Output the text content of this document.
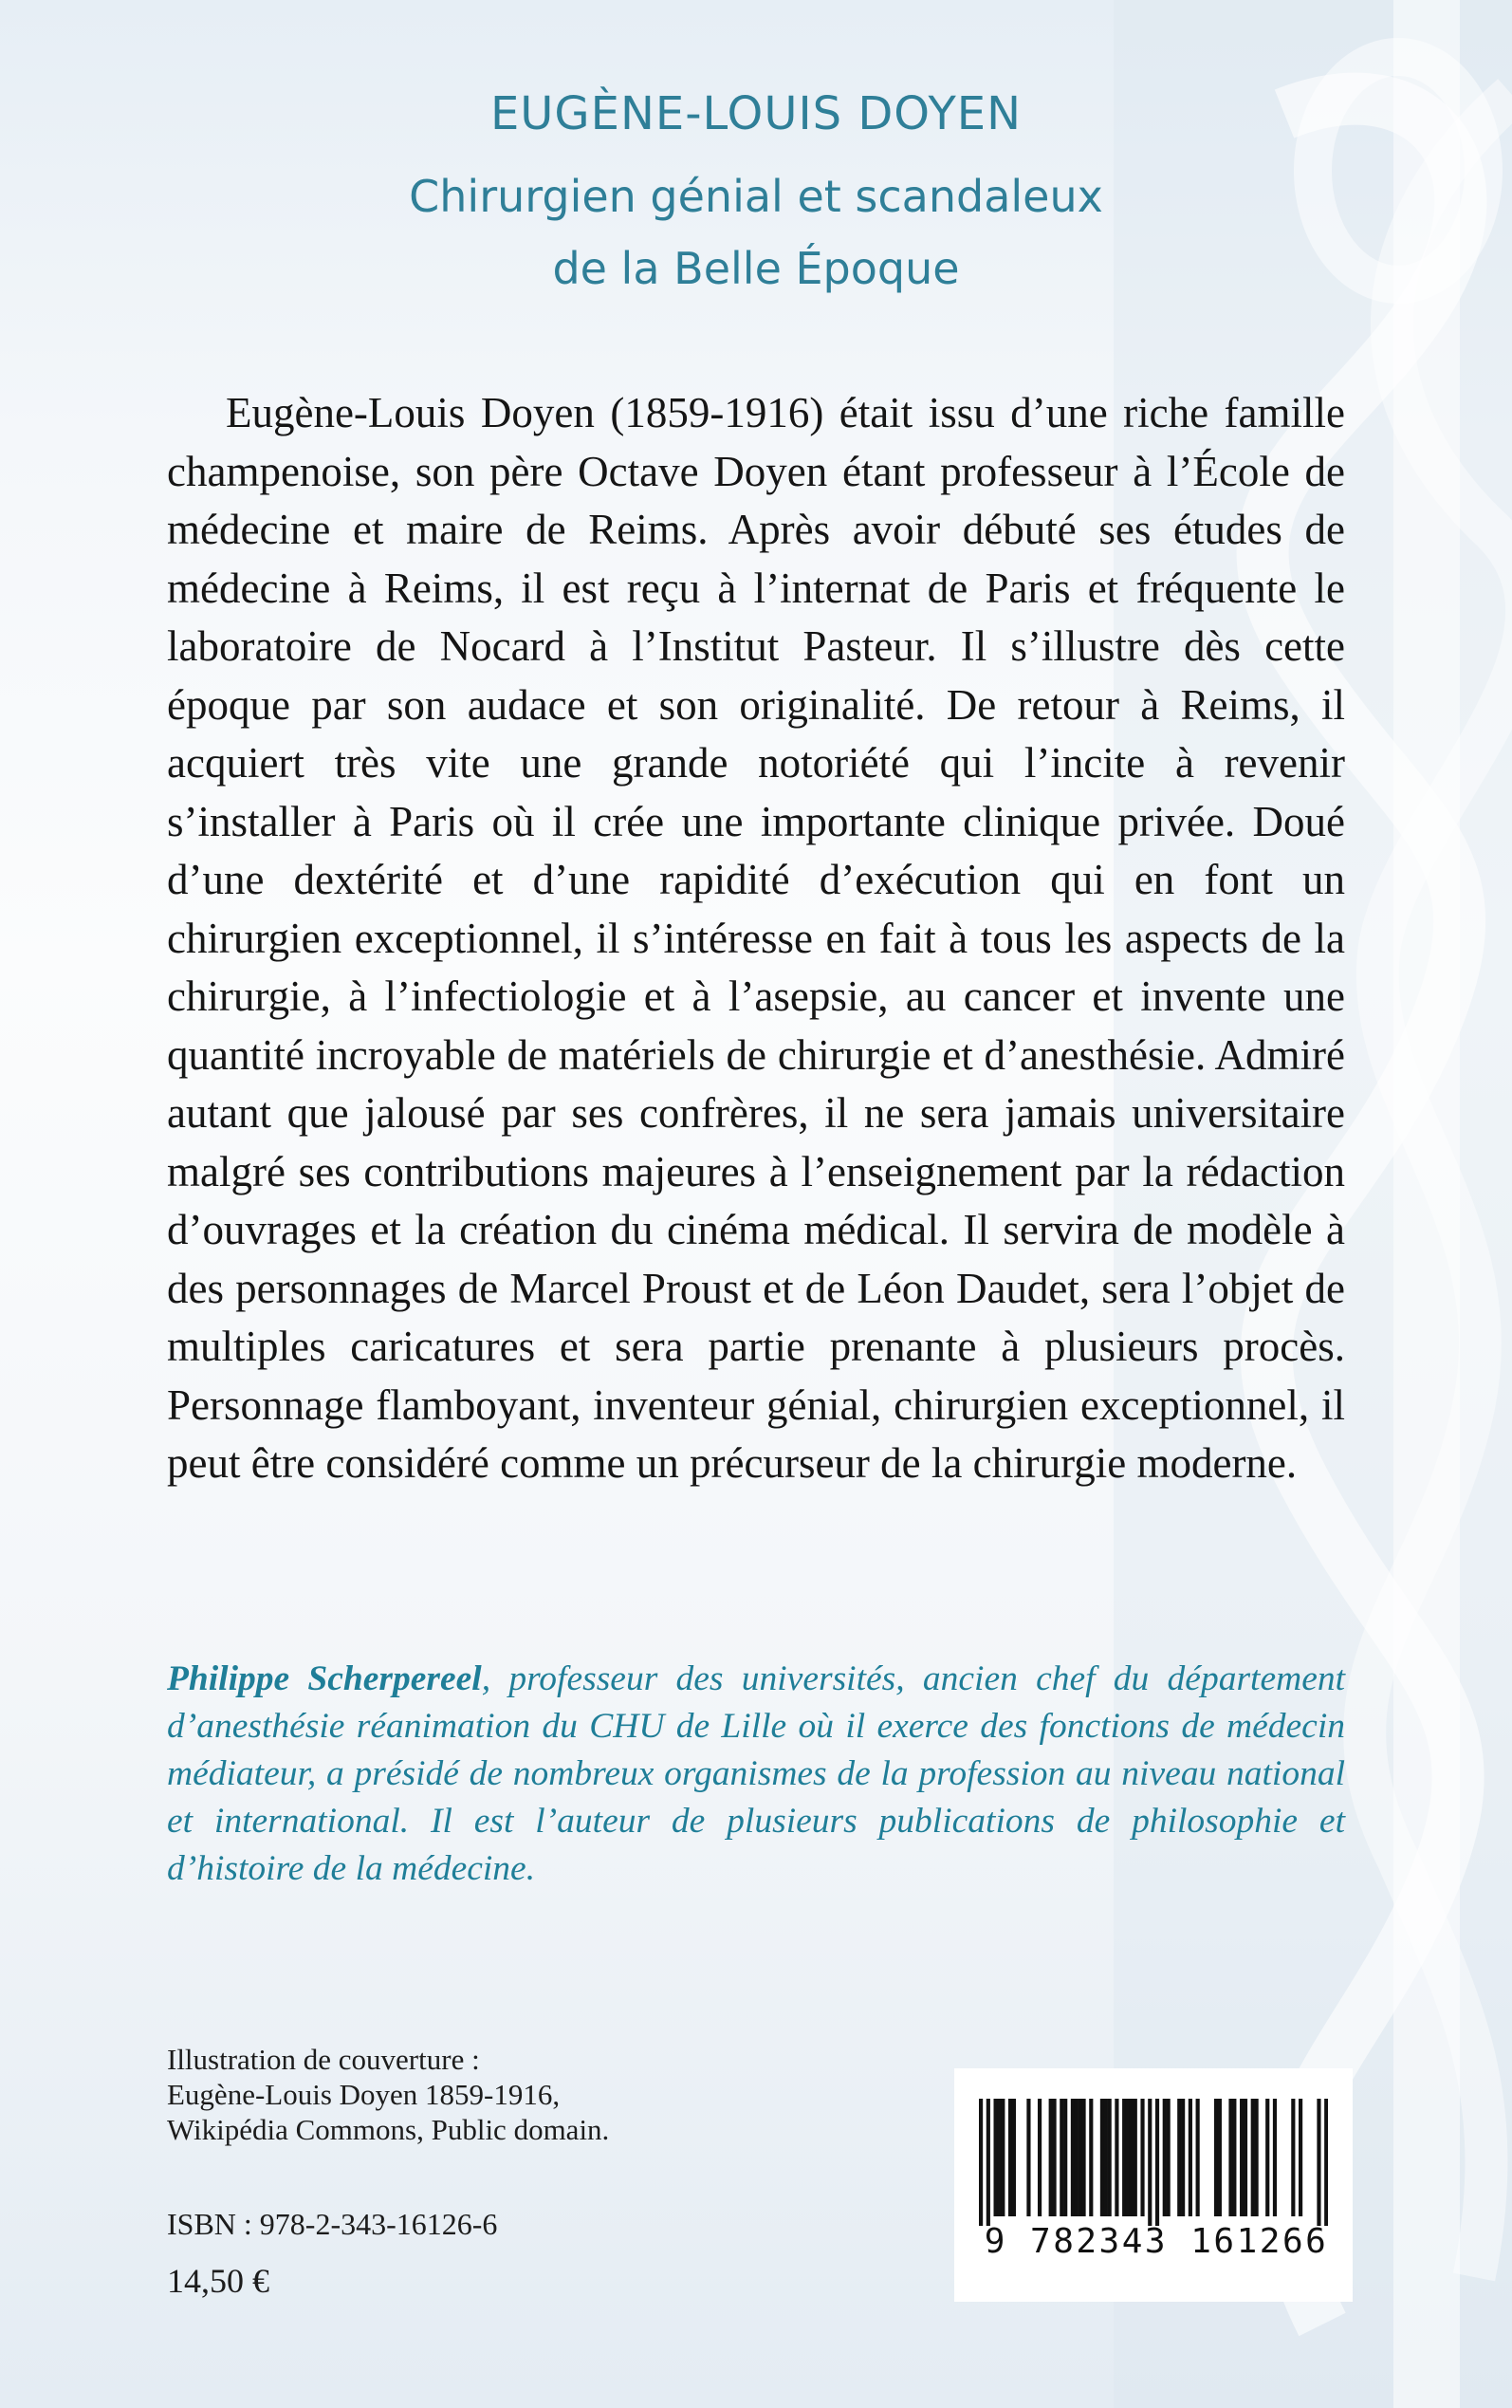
EUGÈNE-LOUIS DOYEN
Chirurgien génial et scandaleux
de la Belle Époque

Eugène-Louis Doyen (1859-1916) était issu d’une riche famille champenoise, son père Octave Doyen étant professeur à l’École de médecine et maire de Reims. Après avoir débuté ses études de médecine à Reims, il est reçu à l’internat de Paris et fréquente le laboratoire de Nocard à l’Institut Pasteur. Il s’illustre dès cette époque par son audace et son originalité. De retour à Reims, il acquiert très vite une grande notoriété qui l’incite à revenir s’installer à Paris où il crée une importante clinique privée. Doué d’une dextérité et d’une rapidité d’exécution qui en font un chirurgien exceptionnel, il s’intéresse en fait à tous les aspects de la chirurgie, à l’infectiologie et à l’asepsie, au cancer et invente une quantité incroyable de matériels de chirurgie et d’anesthésie. Admiré autant que jalousé par ses confrères, il ne sera jamais universitaire malgré ses contributions majeures à l’enseignement par la rédaction d’ouvrages et la création du cinéma médical. Il servira de modèle à des personnages de Marcel Proust et de Léon Daudet, sera l’objet de multiples caricatures et sera partie prenante à plusieurs procès. Personnage flamboyant, inventeur génial, chirurgien exceptionnel, il peut être considéré comme un précurseur de la chirurgie moderne.

Philippe Scherpereel, professeur des universités, ancien chef du département d’anesthésie réanimation du CHU de Lille où il exerce des fonctions de médecin médiateur, a présidé de nombreux organismes de la profession au niveau national et international. Il est l’auteur de plusieurs publications de philosophie et d’histoire de la médecine.

Illustration de couverture :
Eugène-Louis Doyen 1859-1916,
Wikipédia Commons, Public domain.
ISBN : 978-2-343-16126-6
14,50 €
9 782343 161266
